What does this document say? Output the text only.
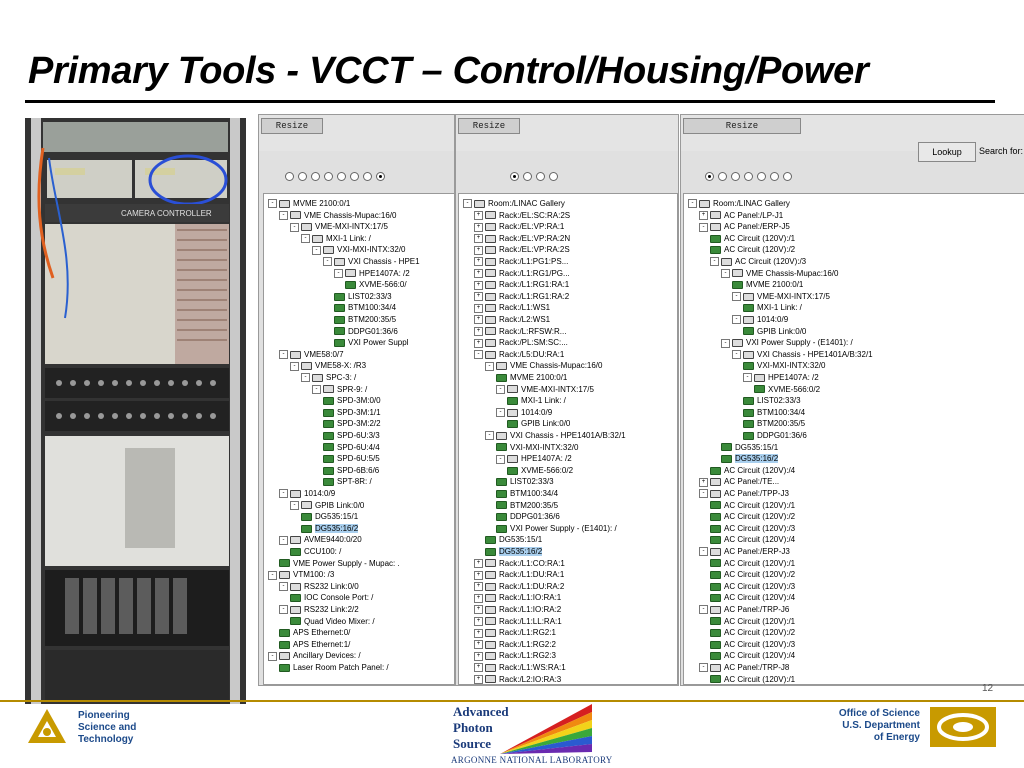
Primary Tools - VCCT – Control/Housing/Power
CAMERA CONTROLLER
Resize
- MVME 2100:0/1
- VME Chassis-Mupac:16/0
- VME-MXI-INTX:17/5
- MXI-1 Link: /
- VXI-MXI-INTX:32/0
- VXI Chassis - HPE1
- HPE1407A: /2
XVME-566:0/
LIST02:33/3
BTM100:34/4
BTM200:35/5
DDPG01:36/6
VXI Power Suppl
- VME58:0/7
- VME58-X: /R3
- SPC-3: /
- SPR-9: /
SPD-3M:0/0
SPD-3M:1/1
SPD-3M:2/2
SPD-6U:3/3
SPD-6U:4/4
SPD-6U:5/5
SPD-6B:6/6
SPT-8R: /
- 1014:0/9
- GPIB Link:0/0
DG535:15/1
DG535:16/2
- AVME9440:0/20
CCU100: /
VME Power Supply - Mupac: .
- VTM100: /3
- RS232 Link:0/0
IOC Console Port: /
- RS232 Link:2/2
Quad Video Mixer: /
APS Ethernet:0/
APS Ethernet:1/
- Ancillary Devices: /
Laser Room Patch Panel: /
Resize
- Room:/LINAC Gallery
+ Rack:/EL:SC:RA:2S
+ Rack:/EL:VP:RA:1
+ Rack:/EL:VP:RA:2N
+ Rack:/EL:VP:RA:2S
+ Rack:/L1:PG1:PS...
+ Rack:/L1:RG1/PG...
+ Rack:/L1:RG1:RA:1
+ Rack:/L1:RG1:RA:2
+ Rack:/L1:WS1
+ Rack:/L2:WS1
+ Rack:/L:RFSW:R...
+ Rack:/PL:SM:SC:...
- Rack:/L5:DU:RA:1
- VME Chassis-Mupac:16/0
MVME 2100:0/1
- VME-MXI-INTX:17/5
MXI-1 Link: /
- 1014:0/9
GPIB Link:0/0
- VXI Chassis - HPE1401A/B:32/1
VXI-MXI-INTX:32/0
- HPE1407A: /2
XVME-566:0/2
LIST02:33/3
BTM100:34/4
BTM200:35/5
DDPG01:36/6
VXI Power Supply - (E1401): /
DG535:15/1
DG535:16/2
+ Rack:/L1:CO:RA:1
+ Rack:/L1:DU:RA:1
+ Rack:/L1:DU:RA:2
+ Rack:/L1:IO:RA:1
+ Rack:/L1:IO:RA:2
+ Rack:/L1:LL:RA:1
+ Rack:/L1:RG2:1
+ Rack:/L1:RG2:2
+ Rack:/L1:RG2:3
+ Rack:/L1:WS:RA:1
+ Rack:/L2:IO:RA:3
Resize
- Room:/LINAC Gallery
+ AC Panel:/LP-J1
- AC Panel:/ERP-J5
AC Circuit (120V):/1
AC Circuit (120V):/2
- AC Circuit (120V):/3
- VME Chassis-Mupac:16/0
MVME 2100:0/1
- VME-MXI-INTX:17/5
MXI-1 Link: /
- 1014:0/9
GPIB Link:0/0
- VXI Power Supply - (E1401): /
- VXI Chassis - HPE1401A/B:32/1
VXI-MXI-INTX:32/0
- HPE1407A: /2
XVME-566:0/2
LIST02:33/3
BTM100:34/4
BTM200:35/5
DDPG01:36/6
DG535:15/1
DG535:16/2
AC Circuit (120V):/4
+ AC Panel:/TE...
- AC Panel:/TPP-J3
AC Circuit (120V):/1
AC Circuit (120V):/2
AC Circuit (120V):/3
AC Circuit (120V):/4
- AC Panel:/ERP-J3
AC Circuit (120V):/1
AC Circuit (120V):/2
AC Circuit (120V):/3
AC Circuit (120V):/4
- AC Panel:/TRP-J6
AC Circuit (120V):/1
AC Circuit (120V):/2
AC Circuit (120V):/3
AC Circuit (120V):/4
- AC Panel:/TRP-J8
AC Circuit (120V):/1
Lookup	Search for:
12
Pioneering
Science and
Technology
Advanced
Photon
Source
ARGONNE NATIONAL LABORATORY
Office of Science
U.S. Department
of Energy
